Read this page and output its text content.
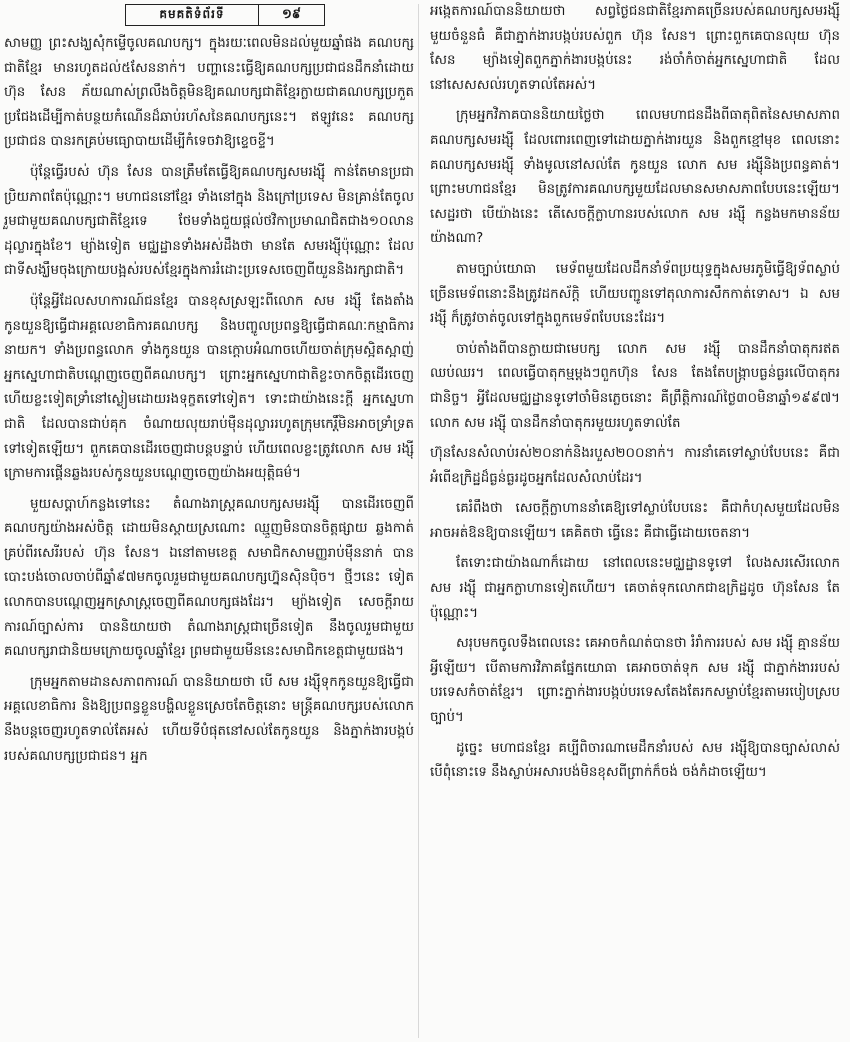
គមគតិទំព័រទី	១៩

សាមញ្ញ ព្រះសង្ឃសុំកម្ទើចូលគណបក្ស។ ក្នុងរយៈពេលមិនដល់មួយឆ្នាំផង គណបក្សជាតិខ្មែរ មានរហូតដល់៥សែននាក់។ បញ្ហានេះធ្វើឱ្យគណបក្សប្រជាជនដឹកនាំដោយ ហ៊ុន សែន ភ័យណាស់ព្រលឹងចិត្តមិនឱ្យគណបក្សជាតិខ្មែរក្លាយជាគណបក្សប្រកួតប្រជែងដើម្បីកាត់បន្ថយកំណើនដ៏ឆាប់រហ័សនៃគណបក្សនេះ។ ឥឡូវនេះ គណបក្សប្រជាជន បានរកគ្រប់មធ្យោបាយដើម្បីកំទេចវាឱ្យខ្ទេចខ្ទី។

ប៉ុន្តែធ្វើរបស់ ហ៊ុន សែន បានត្រឹមតែធ្វើឱ្យគណបក្សសមរង្ស៊ី កាន់តែមានប្រជាប្រិយភាពតែប៉ុណ្ណោះ។ មហាជននៅខ្មែរ ទាំងនៅក្នុង និងក្រៅប្រទេស មិនគ្រាន់តែចូលរួមជាមួយគណបក្សជាតិខ្មែរទេ ថែមទាំងជួយផ្តល់ថវិកាប្រមាណជិតជាង១០លានដុល្លារក្នុងខែ។ ម្យ៉ាងទៀត មជ្ឈដ្ឋានទាំងអស់ដឹងថា មានតែ សមរង្ស៊ីប៉ុណ្ណោះ ដែលជាទីសង្ឃឹមចុងក្រោយបង្អស់របស់ខ្មែរក្នុងការរំដោះប្រទេសចេញពីយួននិងរក្សាជាតិ។

ប៉ុន្តែអ្វីដែលសហការណ៍ជនខ្មែរ បានខុសស្រឡះពីលោក សម រង្ស៊ី តែងតាំងកូនយួនឱ្យធ្វើជាអគ្គលេខាធិការគណបក្ស និងបញ្ចូលប្រពន្ធឱ្យធ្វើជាគណៈកម្មាធិការនាយក។ ទាំងប្រពន្ធលោក ទាំងកូនយួន បានក្តោបអំណាចហើយចាត់ក្រុមស្អិតស្អាញ់អ្នកស្នេហាជាតិបណ្តេញចេញពីគណបក្ស។ ព្រោះអ្នកស្នេហាជាតិខ្លះចាកចិត្តដើរចេញ ហើយខ្លះទៀតទ្រាំនៅស្ងៀមដោយរងទុក្ខតទៅទៀត។ ទោះជាយ៉ាងនេះក្តី អ្នកស្នេហាជាតិ ដែលបានជាប់គុក ចំណាយលុយរាប់ម៉ឺនដុល្លាររហូតក្រុមកេរ្តិ៍មិនអាចទ្រាំទ្រតទៅទៀតឡើយ។ ពួកគេបានដើរចេញជាបន្តបន្ទាប់ ហើយពេលខ្លះត្រូវលោក សម រង្ស៊ី ក្រោមការផ្គើនឆ្លងរបស់កូនយួនបណ្តេញចេញយ៉ាងអយុត្តិធម៌។

មួយសប្តាហ៍កន្លងទៅនេះ តំណាងរាស្ត្រគណបក្សសមរង្ស៊ី បានដើរចេញពីគណបក្សយ៉ាងអស់ចិត្ត ដោយមិនស្តាយស្រណោះ ឈ្មួញមិនបានចិត្តផ្សាយ ឆ្លងកាត់ គ្រប់ពីរសេរីរបស់ ហ៊ុន សែន។ ឯនៅតាមខេត្ត សមាជិកសាមញ្ញរាប់ម៉ឺននាក់ បានបោះបង់ចោលចាប់ពីឆ្នាំ៩៧មកចូលរួមជាមួយគណបក្សហ្វ៊ុនស៊ិនប៉ិច។ ថ្មីៗនេះ ទៀត លោកបានបណ្តេញអ្នកស្រាស្ត្រចេញពីគណបក្សផងដែរ។ ម្យ៉ាងទៀត សេចក្តីរាយការណ៍ច្បាស់ការ បាននិយាយថា តំណាងរាស្ត្រជាច្រើនទៀត នឹងចូលរួមជាមួយគណបក្សរាជានិយមក្រោយចូលឆ្នាំខ្មែរ ព្រមជាមួយមីននេះសមាជិកខេត្តជាមួយផង។

ក្រុមអ្នកតាមដានសភាពការណ៍ បាននិយាយថា បើ សម រង្ស៊ីទុកកូនយួនឱ្យធ្វើជាអគ្គលេខាធិការ និងឱ្យប្រពន្ធខ្លួនបង្ហិលខ្លួនស្រេចតែចិត្តនោះ មន្ត្រីគណបក្សរបស់លោក នឹងបន្តចេញរហូតទាល់តែអស់ ហើយទីបំផុតនៅសល់តែកូនយួន និងភ្នាក់ងារបង្កប់របស់គណបក្សប្រជាជន។ អ្នក

អង្កេតការណ៍បាននិយាយថា សព្វថ្ងៃជនជាតិខ្មែរភាគច្រើនរបស់គណបក្សសមរង្ស៊ី មួយចំនួនធំ គឺជាភ្នាក់ងារបង្កប់របស់ពួក ហ៊ុន សែន។ ព្រោះពួកគេបានលុយ ហ៊ុន សែន ម្យ៉ាងទៀតពួកភ្នាក់ងារបង្កប់នេះ រង់ចាំកំចាត់អ្នកស្នេហាជាតិ ដែលនៅសេសសល់រហូតទាល់តែអស់។

ក្រុមអ្នកវិភាគបាននិយាយថ្លៃថា ពេលមហាជនដឹងពីធាតុពិតនៃសមាសភាពគណបក្សសមរង្ស៊ី ដែលពោរពេញទៅដោយភ្នាក់ងារយួន និងពួកខ្មៅមុខ ពេលនោះ គណបក្សសមរង្ស៊ី ទាំងមូលនៅសល់តែ កូនយួន លោក សម រង្ស៊ីនិងប្រពន្ធគាត់។ ព្រោះមហាជនខ្មែរ មិនត្រូវការគណបក្សមួយដែលមានសមាសភាពបែបនេះឡើយ។ សេដ្ឋរថា បើយ៉ាងនេះ តើសេចក្តីក្លាហានរបស់លោក សម រង្ស៊ី កន្លងមកមានន័យយ៉ាងណា?

តាមច្បាប់យោធា មេទ័ពមួយដែលដឹកនាំទ័ពប្រយុទ្ធក្នុងសមរភូមិធ្វើឱ្យទ័ពស្លាប់ច្រើនមេទ័ពនោះនឹងត្រូវដកស័ក្តិ ហើយបញ្ជូនទៅតុលាការសឹកកាត់ទោស។ ឯ សម រង្ស៊ី ក៏ត្រូវចាត់ចូលទៅក្នុងពួកមេទ័ពបែបនេះដែរ។

ចាប់តាំងពីបានក្លាយជាមេបក្ស លោក សម រង្ស៊ី បានដឹកនាំបាតុករឥតឈប់ឈរ។ ពេលធ្វើបាតុកម្មម្តងៗពួកហ៊ុន សែន តែងតែបង្ក្រាបធ្ងន់ធ្ងរលើបាតុករជានិច្ច។ អ្វីដែលមជ្ឈដ្ឋានទូទៅចាំមិនភ្លេចនោះ គឺព្រឹត្តិការណ៍ថ្ងៃ៣០មិនាឆ្នាំ១៩៩៧។ លោក សម រង្ស៊ី បានដឹកនាំបាតុករមួយរហូតទាល់តែ

ហ៊ុនសែនសំលាប់រស់២០នាក់និងរបួស២០០នាក់។ ការនាំគេទៅស្លាប់បែបនេះ គឺជាអំពើឧក្រិដ្ឋដ៏ធ្ងន់ធ្ងរដូចអ្នកដែលសំលាប់ដែរ។

គេរំពឹងថា សេចក្តីក្លាហាននាំគេឱ្យទៅស្លាប់បែបនេះ គឺជាកំហុសមួយដែលមិនអាចអត់ឱនឱ្យបានឡើយ។ គេគិតថា ធ្វើនេះ គឺជាធ្វើដោយចេតនា។

តែទោះជាយ៉ាងណាក៏ដោយ នៅពេលនេះមជ្ឈដ្ឋានទូទៅ លែងសរសើរលោក សម រង្ស៊ី ជាអ្នកក្លាហានទៀតហើយ។ គេចាត់ទុកលោកជាឧក្រិដ្ឋដូច ហ៊ុនសែន តែប៉ុណ្ណោះ។

សរុបមកចូលទឹងពេលនេះ គេអាចកំណត់បានថា រំរាំការរបស់ សម រង្ស៊ី គ្មានន័យអ្វីឡើយ។ បើតាមការវិភាគផ្នែកយោធា គេអាចចាត់ទុក សម រង្ស៊ី ជាភ្នាក់ងាររបស់បរទេសកំចាត់ខ្មែរ។ ព្រោះភ្នាក់ងារបង្កប់បរទេសតែងតែរកសម្លាប់ខ្មែរតាមរបៀបស្របច្បាប់។

ដូច្នេះ មហាជនខ្មែរ គប្បីពិចារណាមេដឹកនាំរបស់ សម រង្ស៊ីឱ្យបានច្បាស់លាស់ បើពុំនោះទេ នឹងស្លាប់អសារបង់មិនខុសពីព្រាក់ក៏ចង់ ចង់កំដាចឡើយ។
